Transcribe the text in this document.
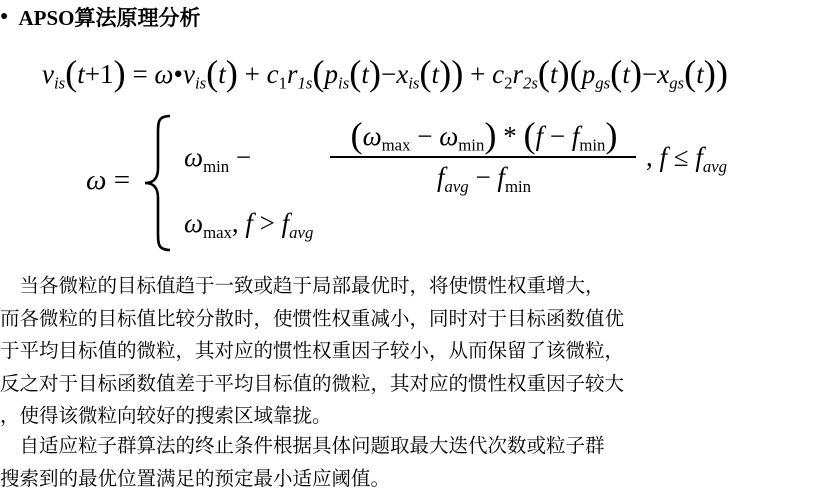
● APSO算法原理分析
$v_{is}(t+1)$ = $\omega•v_{is}(t) + c_1r_{1s}(p_{is}(t)-x_{is}(t)) + c_2r_{2s}(t)(p_{gs}(t)-x_{gs}(t))$
ω =
$\omega_{min}$ −
$(\omega_{max} - \omega_{min}) * (f - f_{min})$
$f_{avg} - f_{min}$
, $f \le f_{avg}$
$\omega_{max}$, $f > f_{avg}$
　当各微粒的目标值趋于一致或趋于局部最优时，将使惯性权重增大，
而各微粒的目标值比较分散时，使惯性权重减小，同时对于目标函数值优
于平均目标值的微粒，其对应的惯性权重因子较小，从而保留了该微粒，
反之对于目标函数值差于平均目标值的微粒，其对应的惯性权重因子较大
，使得该微粒向较好的搜索区域靠拢。
　自适应粒子群算法的终止条件根据具体问题取最大迭代次数或粒子群
搜索到的最优位置满足的预定最小适应阈值。
